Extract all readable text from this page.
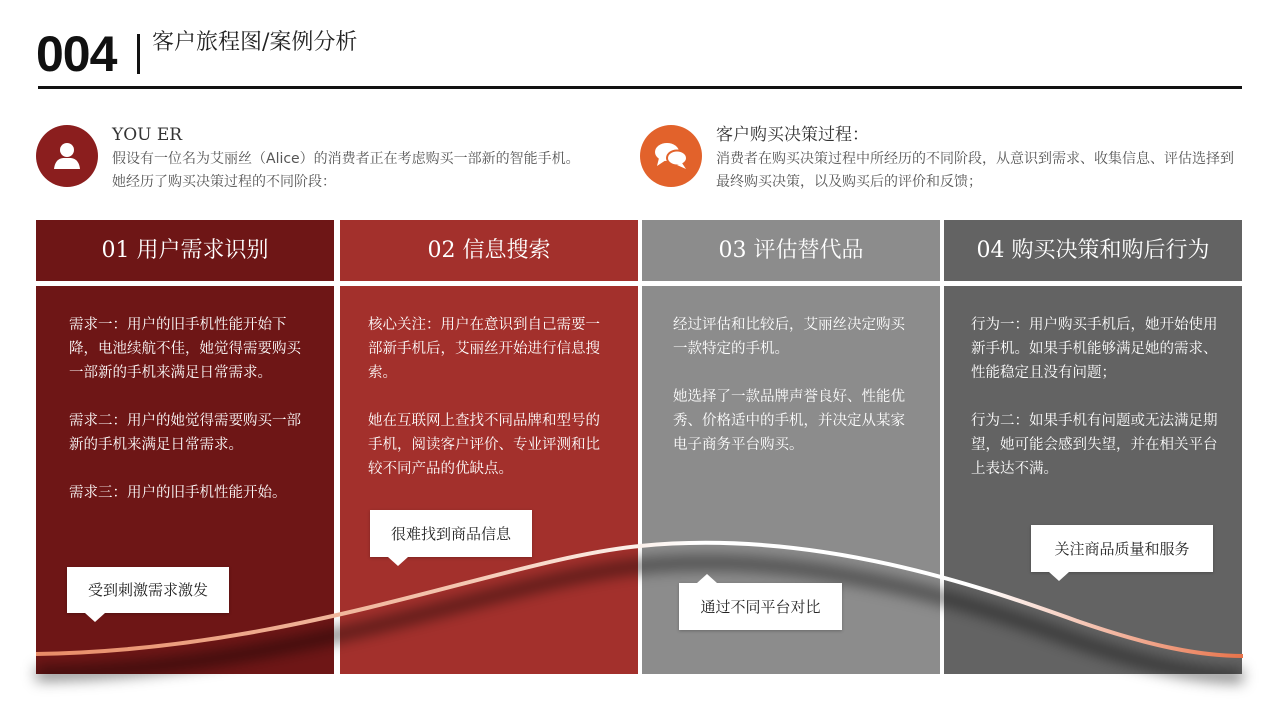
004 客户旅程图/案例分析
YOU ER
假设有一位名为艾丽丝（Alice）的消费者正在考虑购买一部新的智能手机。她经历了购买决策过程的不同阶段：
客户购买决策过程：
消费者在购买决策过程中所经历的不同阶段，从意识到需求、收集信息、评估选择到最终购买决策，以及购买后的评价和反馈；
01 用户需求识别
需求一：用户的旧手机性能开始下降，电池续航不佳，她觉得需要购买一部新的手机来满足日常需求。
需求二：用户的她觉得需要购买一部新的手机来满足日常需求。
需求三：用户的旧手机性能开始。
02 信息搜索
核心关注：用户在意识到自己需要一部新手机后，艾丽丝开始进行信息搜索。
她在互联网上查找不同品牌和型号的手机，阅读客户评价、专业评测和比较不同产品的优缺点。
03 评估替代品
经过评估和比较后，艾丽丝决定购买一款特定的手机。
她选择了一款品牌声誉良好、性能优秀、价格适中的手机，并决定从某家电子商务平台购买。
04 购买决策和购后行为
行为一：用户购买手机后，她开始使用新手机。如果手机能够满足她的需求、性能稳定且没有问题；
行为二：如果手机有问题或无法满足期望，她可能会感到失望，并在相关平台上表达不满。
受到刺激需求激发
很难找到商品信息
通过不同平台对比
关注商品质量和服务
